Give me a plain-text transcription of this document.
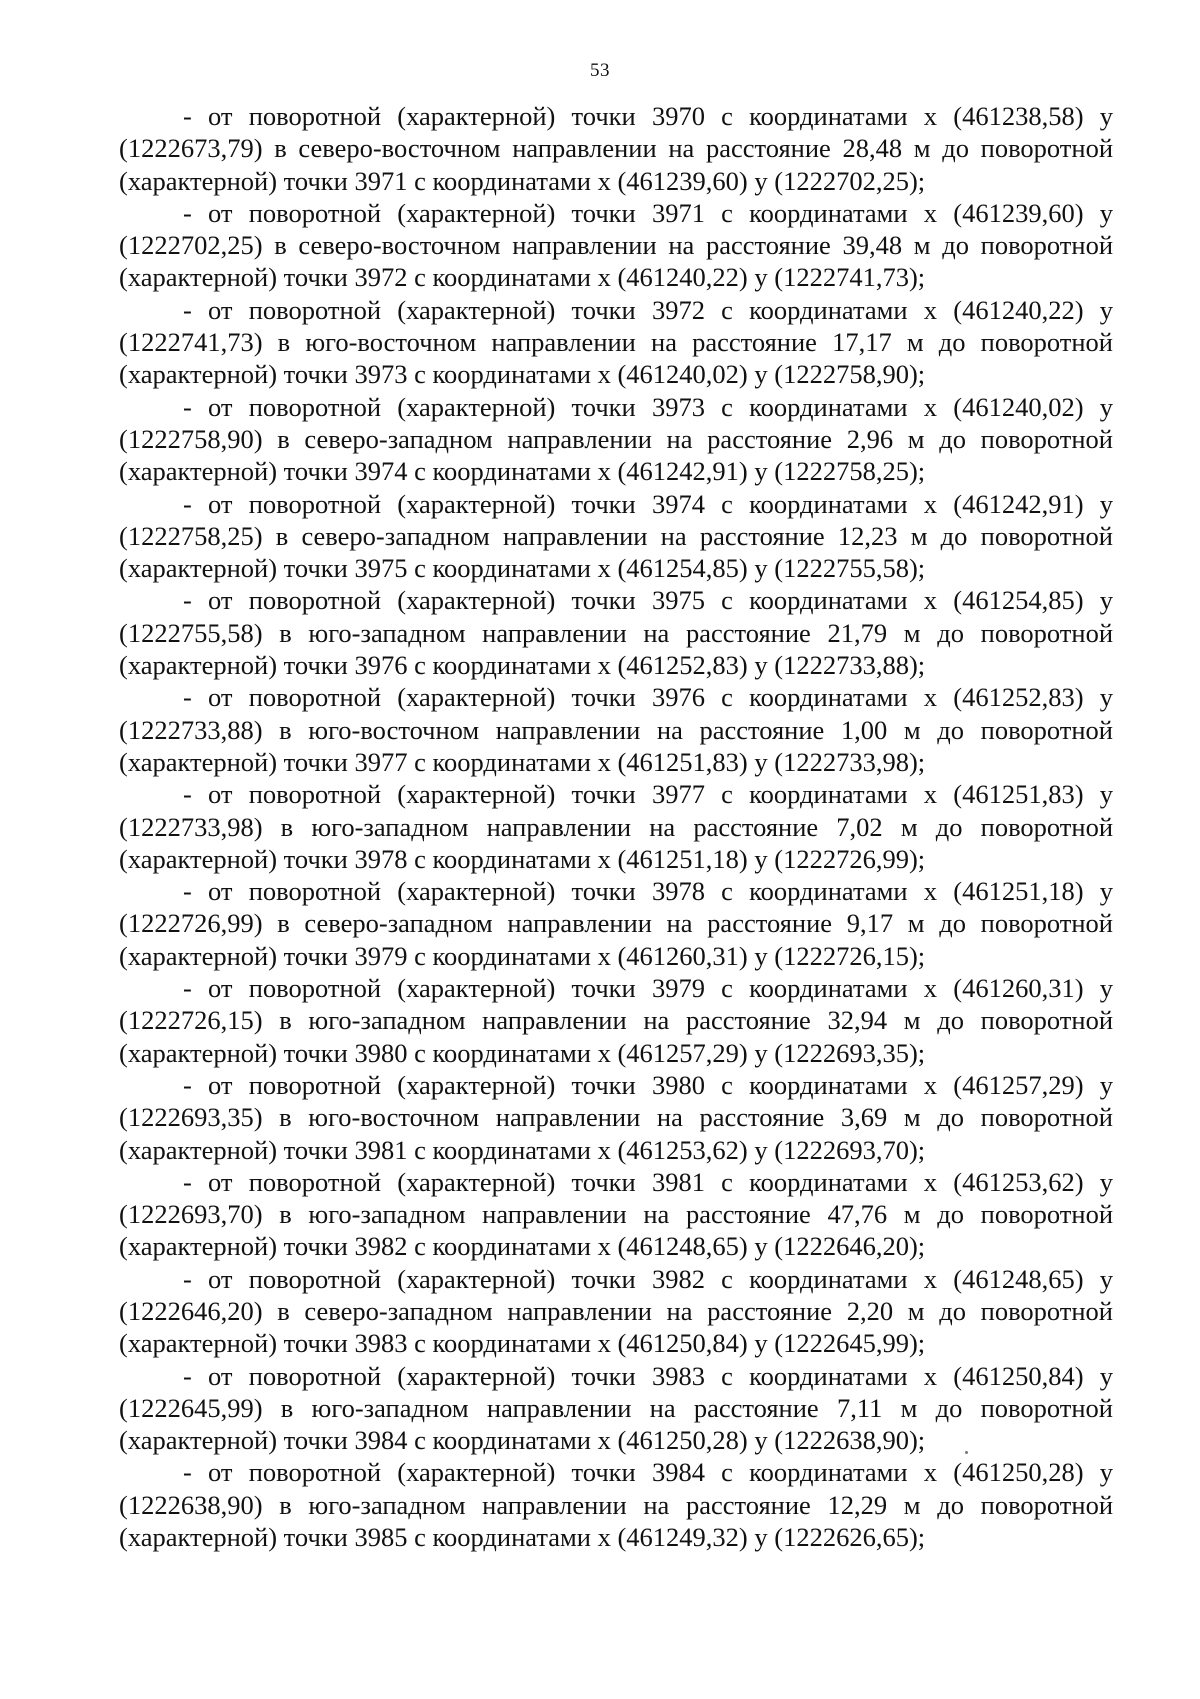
53

- от поворотной (характерной) точки 3970 с координатами х (461238,58) у (1222673,79) в северо-восточном направлении на расстояние 28,48 м до поворотной (характерной) точки 3971 с координатами х (461239,60) у (1222702,25);

- от поворотной (характерной) точки 3971 с координатами х (461239,60) у (1222702,25) в северо-восточном направлении на расстояние 39,48 м до поворотной (характерной) точки 3972 с координатами х (461240,22) у (1222741,73);

- от поворотной (характерной) точки 3972 с координатами х (461240,22) у (1222741,73) в юго-восточном направлении на расстояние 17,17 м до поворотной (характерной) точки 3973 с координатами х (461240,02) у (1222758,90);

- от поворотной (характерной) точки 3973 с координатами х (461240,02) у (1222758,90) в северо-западном направлении на расстояние 2,96 м до поворотной (характерной) точки 3974 с координатами х (461242,91) у (1222758,25);

- от поворотной (характерной) точки 3974 с координатами х (461242,91) у (1222758,25) в северо-западном направлении на расстояние 12,23 м до поворотной (характерной) точки 3975 с координатами х (461254,85) у (1222755,58);

- от поворотной (характерной) точки 3975 с координатами х (461254,85) у (1222755,58) в юго-западном направлении на расстояние 21,79 м до поворотной (характерной) точки 3976 с координатами х (461252,83) у (1222733,88);

- от поворотной (характерной) точки 3976 с координатами х (461252,83) у (1222733,88) в юго-восточном направлении на расстояние 1,00 м до поворотной (характерной) точки 3977 с координатами х (461251,83) у (1222733,98);

- от поворотной (характерной) точки 3977 с координатами х (461251,83) у (1222733,98) в юго-западном направлении на расстояние 7,02 м до поворотной (характерной) точки 3978 с координатами х (461251,18) у (1222726,99);

- от поворотной (характерной) точки 3978 с координатами х (461251,18) у (1222726,99) в северо-западном направлении на расстояние 9,17 м до поворотной (характерной) точки 3979 с координатами х (461260,31) у (1222726,15);

- от поворотной (характерной) точки 3979 с координатами х (461260,31) у (1222726,15) в юго-западном направлении на расстояние 32,94 м до поворотной (характерной) точки 3980 с координатами х (461257,29) у (1222693,35);

- от поворотной (характерной) точки 3980 с координатами х (461257,29) у (1222693,35) в юго-восточном направлении на расстояние 3,69 м до поворотной (характерной) точки 3981 с координатами х (461253,62) у (1222693,70);

- от поворотной (характерной) точки 3981 с координатами х (461253,62) у (1222693,70) в юго-западном направлении на расстояние 47,76 м до поворотной (характерной) точки 3982 с координатами х (461248,65) у (1222646,20);

- от поворотной (характерной) точки 3982 с координатами х (461248,65) у (1222646,20) в северо-западном направлении на расстояние 2,20 м до поворотной (характерной) точки 3983 с координатами х (461250,84) у (1222645,99);

- от поворотной (характерной) точки 3983 с координатами х (461250,84) у (1222645,99) в юго-западном направлении на расстояние 7,11 м до поворотной (характерной) точки 3984 с координатами х (461250,28) у (1222638,90);

- от поворотной (характерной) точки 3984 с координатами х (461250,28) у (1222638,90) в юго-западном направлении на расстояние 12,29 м до поворотной (характерной) точки 3985 с координатами х (461249,32) у (1222626,65);
